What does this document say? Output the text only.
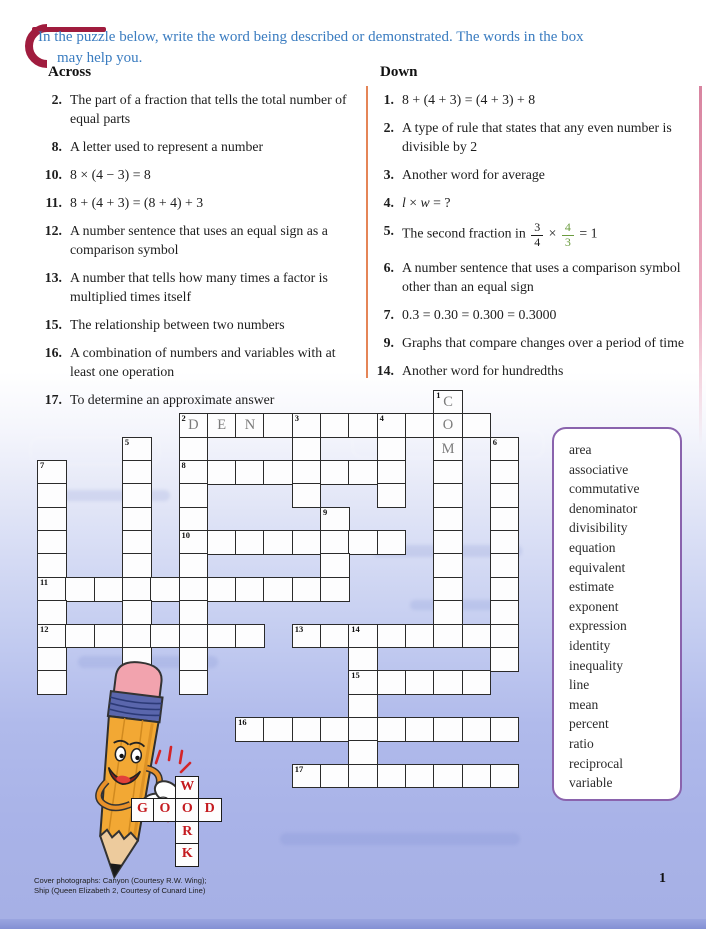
In the puzzle below, write the word being described or demonstrated. The words in the box
may help you.
Across
2. The part of a fraction that tells the total number of equal parts
8. A letter used to represent a number
10. 8 × (4 − 3) = 8
11. 8 + (4 + 3) = (8 + 4) + 3
12. A number sentence that uses an equal sign as a comparison symbol
13. A number that tells how many times a factor is multiplied times itself
15. The relationship between two numbers
16. A combination of numbers and variables with at least one operation
17. To determine an approximate answer
Down
1. 8 + (4 + 3) = (4 + 3) + 8
2. A type of rule that states that any even number is divisible by 2
3. Another word for average
4. l × w = ?
5. The second fraction in $\frac{3}{4} \times \frac{4}{3} = 1$
6. A number sentence that uses a comparison symbol other than an equal sign
7. 0.3 = 0.30 = 0.300 = 0.3000
9. Graphs that compare changes over a period of time
14. Another word for hundredths
1 C
2 D	E	N	3	4	O
5	M	6
7	8
9
10
11
12	13	14
15
16
17
area
associative
commutative
denominator
divisibility
equation
equivalent
estimate
exponent
expression
identity
inequality
line
mean
percent
ratio
reciprocal
variable
W
G O O D
R
K
Cover photographs: Canyon (Courtesy R.W. Wing);
Ship (Queen Elizabeth 2, Courtesy of Cunard Line)
1
